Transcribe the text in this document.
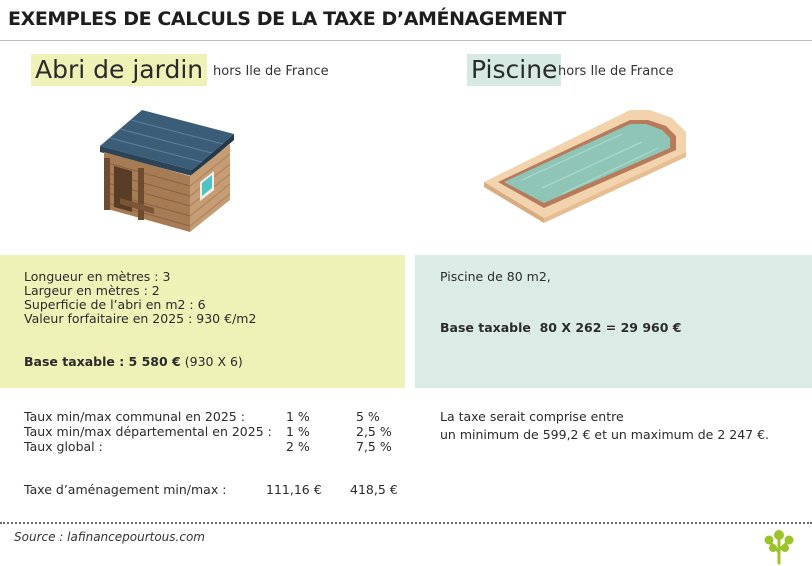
EXEMPLES DE CALCULS DE LA TAXE D’AMÉNAGEMENT
Abri de jardin hors Ile de France	Piscine hors Ile de France
Longueur en mètres : 3
Largeur en mètres : 2
Superficie de l’abri en m2 : 6
Valeur forfaitaire en 2025 : 930 €/m2
Base taxable : 5 580 € (930 X 6)
Piscine de 80 m2,
Base taxable 80 X 262 = 29 960 €
Taux min/max communal en 2025 :	1 %	5 %
Taux min/max départemental en 2025 : 1 %	2,5 %
Taux global :	2 %	7,5 %
Taxe d’aménagement min/max :	111,16 € 418,5 €
La taxe serait comprise entre
un minimum de 599,2 € et un maximum de 2 247 €.
Source : lafinancepourtous.com
